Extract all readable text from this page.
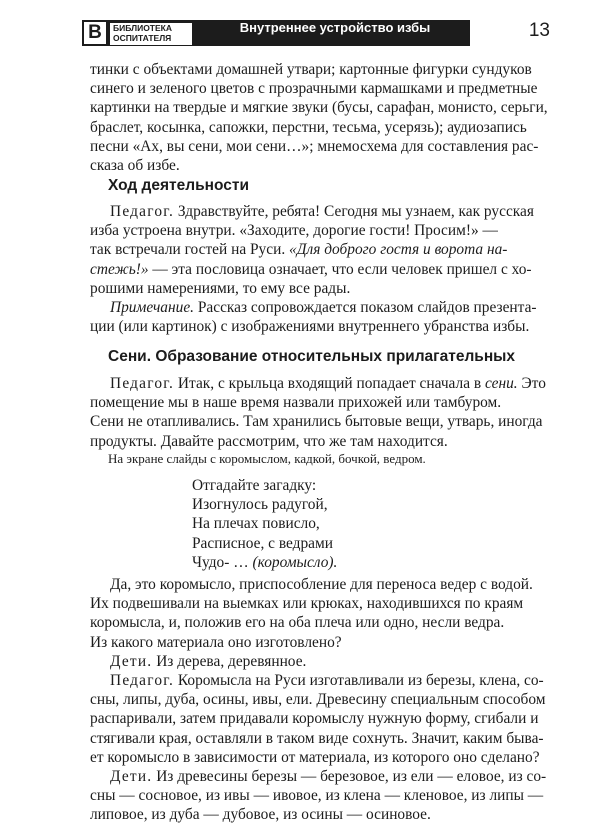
B	БИБЛИОТЕКА
ОСПИТАТЕЛЯ
Внутреннее устройство избы	13

тинки с объектами домашней утвари; картонные фигурки сундуков

синего и зеленого цветов с прозрачными кармашками и предметные

картинки на твердые и мягкие звуки (бусы, сарафан, монисто, серьги,

браслет, косынка, сапожки, перстни, тесьма, усерязь); аудиозапись

песни «Ах, вы сени, мои сени…»; мнемосхема для составления рас-

сказа об избе.

Ход деятельности

Педагог. Здравствуйте, ребята! Сегодня мы узнаем, как русская

изба устроена внутри. «Заходите, дорогие гости! Просим!» —

так встречали гостей на Руси. «Для доброго гостя и ворота на-

стежь!» — эта пословица означает, что если человек пришел с хо-

рошими намерениями, то ему все рады.

Примечание. Рассказ сопровождается показом слайдов презента-

ции (или картинок) с изображениями внутреннего убранства избы.

Сени. Образование относительных прилагательных

Педагог. Итак, с крыльца входящий попадает сначала в сени. Это

помещение мы в наше время назвали прихожей или тамбуром.

Сени не отапливались. Там хранились бытовые вещи, утварь, иногда

продукты. Давайте рассмотрим, что же там находится.

На экране слайды с коромыслом, кадкой, бочкой, ведром.
Отгадайте загадку:
Изогнулось радугой,
На плечах повисло,
Расписное, с ведрами
Чудо- … (коромысло).

Да, это коромысло, приспособление для переноса ведер с водой.

Их подвешивали на выемках или крюках, находившихся по краям

коромысла, и, положив его на оба плеча или одно, несли ведра.

Из какого материала оно изготовлено?

Дети. Из дерева, деревянное.

Педагог. Коромысла на Руси изготавливали из березы, клена, со-

сны, липы, дуба, осины, ивы, ели. Древесину специальным способом

распаривали, затем придавали коромыслу нужную форму, сгибали и

стягивали края, оставляли в таком виде сохнуть. Значит, каким быва-

ет коромысло в зависимости от материала, из которого оно сделано?

Дети. Из древесины березы — березовое, из ели — еловое, из со-

сны — сосновое, из ивы — ивовое, из клена — кленовое, из липы —

липовое, из дуба — дубовое, из осины — осиновое.
